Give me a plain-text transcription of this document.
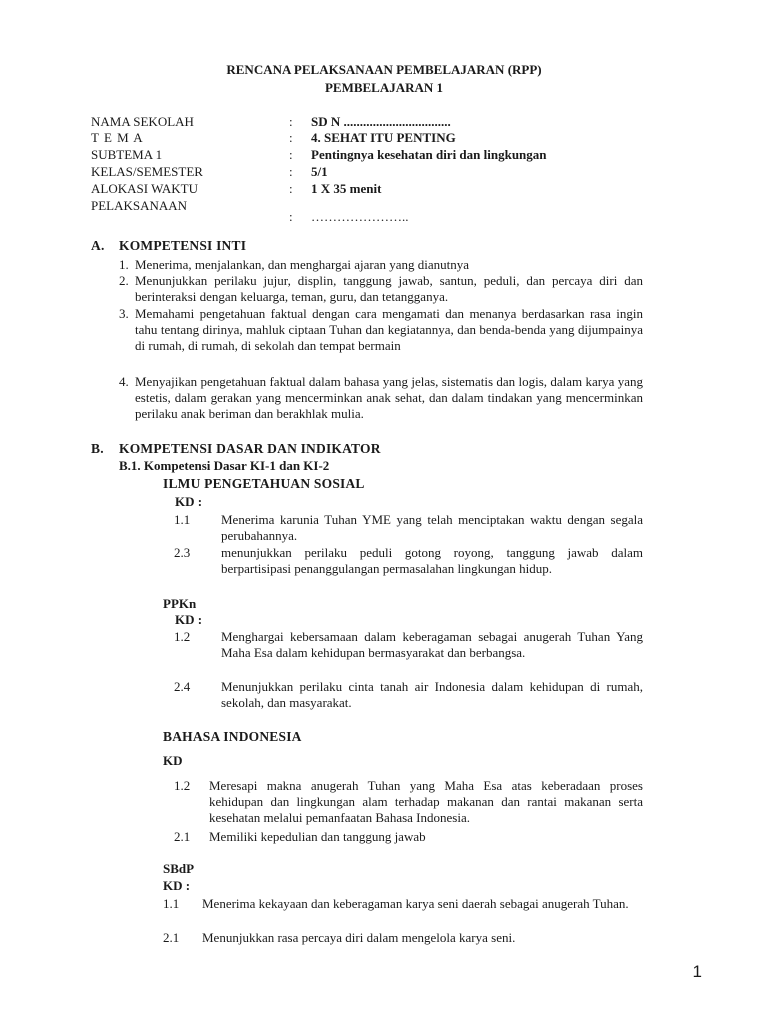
RENCANA PELAKSANAAN PEMBELAJARAN (RPP)
PEMBELAJARAN 1
NAMA SEKOLAH	: SD N .................................
T E M A	: 4. SEHAT ITU PENTING
SUBTEMA 1	: Pentingnya kesehatan diri dan lingkungan
KELAS/SEMESTER	: 5/1
ALOKASI WAKTU	: 1 X 35 menit
PELAKSANAAN
: …………………..
A. KOMPETENSI INTI
1. Menerima, menjalankan, dan menghargai ajaran yang dianutnya
2. Menunjukkan perilaku jujur, displin, tanggung jawab, santun, peduli, dan percaya diri dan berinteraksi dengan keluarga, teman, guru, dan tetangganya.
3. Memahami pengetahuan faktual dengan cara mengamati dan menanya berdasarkan rasa ingin tahu tentang dirinya, mahluk ciptaan Tuhan dan kegiatannya, dan benda-benda yang dijumpainya di rumah, di rumah, di sekolah dan tempat bermain
4. Menyajikan pengetahuan faktual dalam bahasa yang jelas, sistematis dan logis, dalam karya yang estetis, dalam gerakan yang mencerminkan anak sehat, dan dalam tindakan yang mencerminkan perilaku anak beriman dan berakhlak mulia.
B. KOMPETENSI DASAR DAN INDIKATOR
B.1. Kompetensi Dasar KI-1 dan KI-2
ILMU PENGETAHUAN SOSIAL
KD :
1.1 Menerima karunia Tuhan YME yang telah menciptakan waktu dengan segala perubahannya.
2.3 menunjukkan perilaku peduli gotong royong, tanggung jawab dalam berpartisipasi penanggulangan permasalahan lingkungan hidup.
PPKn
KD :
1.2 Menghargai kebersamaan dalam keberagaman sebagai anugerah Tuhan Yang Maha Esa dalam kehidupan bermasyarakat dan berbangsa.
2.4 Menunjukkan perilaku cinta tanah air Indonesia dalam kehidupan di rumah, sekolah, dan masyarakat.
BAHASA INDONESIA
KD
1.2 Meresapi makna anugerah Tuhan yang Maha Esa atas keberadaan proses kehidupan dan lingkungan alam terhadap makanan dan rantai makanan serta kesehatan melalui pemanfaatan Bahasa Indonesia.
2.1 Memiliki kepedulian dan tanggung jawab
SBdP
KD :
1.1 Menerima kekayaan dan keberagaman karya seni daerah sebagai anugerah Tuhan.
2.1 Menunjukkan rasa percaya diri dalam mengelola karya seni.
1
